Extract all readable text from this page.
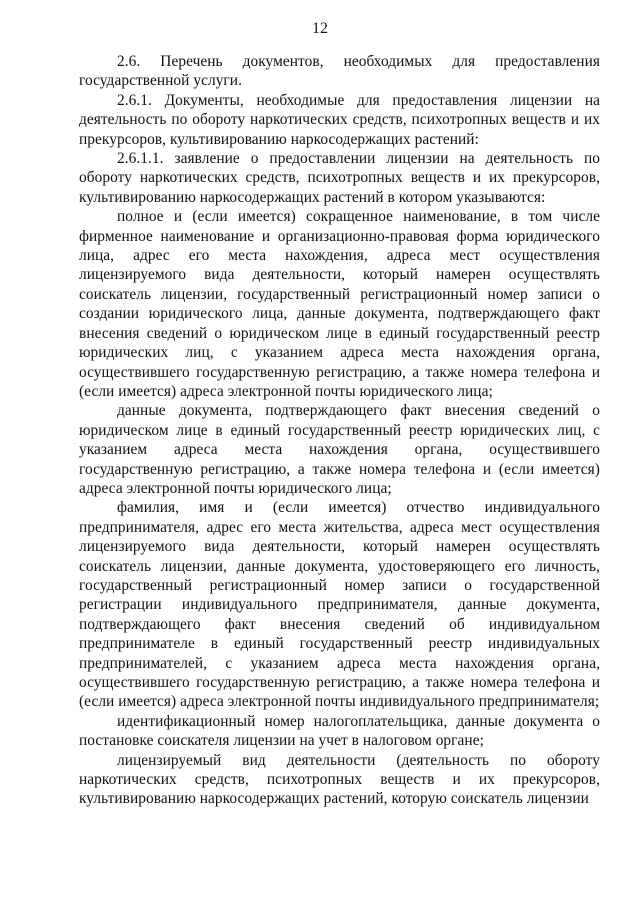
12

2.6. Перечень документов, необходимых для предоставления государственной услуги.

2.6.1. Документы, необходимые для предоставления лицензии на деятельность по обороту наркотических средств, психотропных веществ и их прекурсоров, культивированию наркосодержащих растений:

2.6.1.1. заявление о предоставлении лицензии на деятельность по обороту наркотических средств, психотропных веществ и их прекурсоров, культивированию наркосодержащих растений в котором указываются:

полное и (если имеется) сокращенное наименование, в том числе фирменное наименование и организационно-правовая форма юридического лица, адрес его места нахождения, адреса мест осуществления лицензируемого вида деятельности, который намерен осуществлять соискатель лицензии, государственный регистрационный номер записи о создании юридического лица, данные документа, подтверждающего факт внесения сведений о юридическом лице в единый государственный реестр юридических лиц, с указанием адреса места нахождения органа, осуществившего государственную регистрацию, а также номера телефона и (если имеется) адреса электронной почты юридического лица;

данные документа, подтверждающего факт внесения сведений о юридическом лице в единый государственный реестр юридических лиц, с указанием адреса места нахождения органа, осуществившего государственную регистрацию, а также номера телефона и (если имеется) адреса электронной почты юридического лица;

фамилия, имя и (если имеется) отчество индивидуального предпринимателя, адрес его места жительства, адреса мест осуществления лицензируемого вида деятельности, который намерен осуществлять соискатель лицензии, данные документа, удостоверяющего его личность, государственный регистрационный номер записи о государственной регистрации индивидуального предпринимателя, данные документа, подтверждающего факт внесения сведений об индивидуальном предпринимателе в единый государственный реестр индивидуальных предпринимателей, с указанием адреса места нахождения органа, осуществившего государственную регистрацию, а также номера телефона и (если имеется) адреса электронной почты индивидуального предпринимателя;

идентификационный номер налогоплательщика, данные документа о постановке соискателя лицензии на учет в налоговом органе;

лицензируемый вид деятельности (деятельность по обороту наркотических средств, психотропных веществ и их прекурсоров, культивированию наркосодержащих растений, которую соискатель лицензии
